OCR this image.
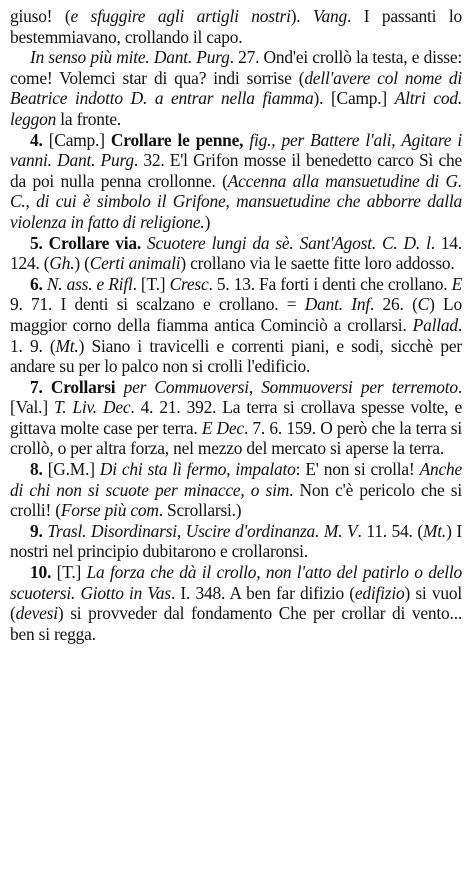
giuso! (e sfuggire agli artigli nostri). Vang. I passanti lo bestemmiavano, crollando il capo.

In senso più mite. Dant. Purg. 27. Ond'ei crollò la testa, e disse: come! Volemci star di qua? indi sorrise (dell'avere col nome di Beatrice indotto D. a entrar nella fiamma). [Camp.] Altri cod. leggon la fronte.

4. [Camp.] Crollare le penne, fig., per Battere l'ali, Agitare i vanni. Dant. Purg. 32. E'l Grifon mosse il benedetto carco Sì che da poi nulla penna crollonne. (Accenna alla mansuetudine di G. C., di cui è simbolo il Grifone, mansuetudine che abborre dalla violenza in fatto di religione.)

5. Crollare via. Scuotere lungi da sè. Sant'Agost. C. D. l. 14. 124. (Gh.) (Certi animali) crollano via le saette fitte loro addosso.

6. N. ass. e Rifl. [T.] Cresc. 5. 13. Fa forti i denti che crollano. E 9. 71. I denti si scalzano e crollano. = Dant. Inf. 26. (C) Lo maggior corno della fiamma antica Cominciò a crollarsi. Pallad. 1. 9. (Mt.) Siano i travicelli e correnti piani, e sodi, sicchè per andare su per lo palco non si crolli l'edificio.

7. Crollarsi per Commuoversi, Sommuoversi per terremoto. [Val.] T. Liv. Dec. 4. 21. 392. La terra si crollava spesse volte, e gittava molte case per terra. E Dec. 7. 6. 159. O però che la terra si crollò, o per altra forza, nel mezzo del mercato si aperse la terra.

8. [G.M.] Di chi sta lì fermo, impalato: E' non si crolla! Anche di chi non si scuote per minacce, o sim. Non c'è pericolo che si crolli! (Forse più com. Scrollarsi.)

9. Trasl. Disordinarsi, Uscire d'ordinanza. M. V. 11. 54. (Mt.) I nostri nel principio dubitarono e crollaronsi.

10. [T.] La forza che dà il crollo, non l'atto del patirlo o dello scuotersi. Giotto in Vas. I. 348. A ben far difizio (edifizio) si vuol (devesi) si provveder dal fondamento Che per crollar di vento... ben si regga.
